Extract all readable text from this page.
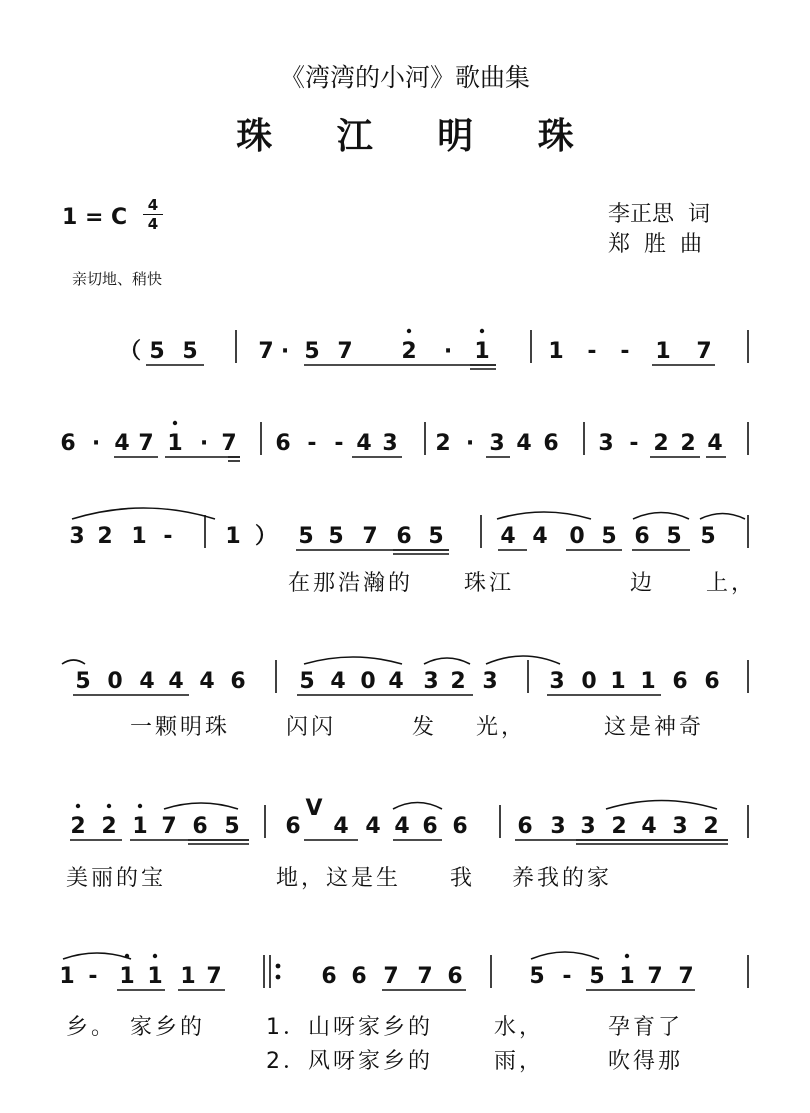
《湾湾的小河》歌曲集
珠 江 明 珠
1 = C	4
4	李正思  词
郑  胜  曲
亲切地、稍快
（ 5 5	7 · 5 7 2 · 1	1 - - 1 7
6 · 4 7 1 · 7 6 - - 4 3 2 · 3 4 6 3 - 2 2 4
3 2 1 - 1 ） 5 5 7 6 5	4 4 0 5 6 5 5
在那浩瀚的 珠江	边 上，
5 0 4 4 4 6 5 4 0 4 3 2 3 3 0 1 1 6 6
一颗明珠	闪闪	发 光，	这是神奇
2 2 1 7 6 5 6
V
4 4 4 6 6 6 3 3 2 4 3 2
美丽的宝	地，这是生 我 养我的家
1 - 1 1 1 7	6 6 7 7 6	5 - 5 1 7 7
乡。 家乡的	1．山呀家乡的	水，	孕育了
2．风呀家乡的	雨，	吹得那
